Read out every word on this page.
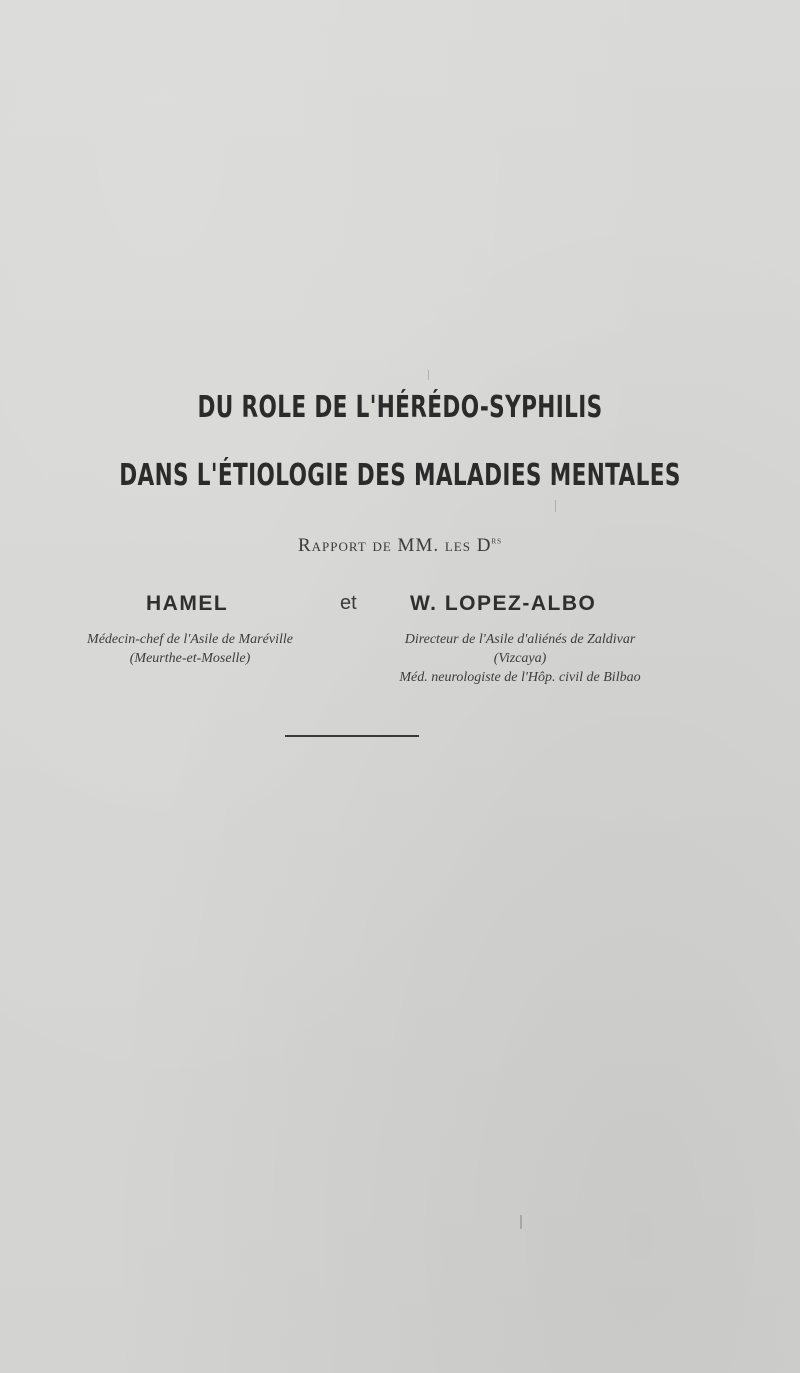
DU ROLE DE L'HÉRÉDO-SYPHILIS
DANS L'ÉTIOLOGIE DES MALADIES MENTALES
Rapport de MM. les $D^{rs}$
HAMEL	et	W. LOPEZ-ALBO
Médecin-chef de l'Asile de Maréville
(Meurthe-et-Moselle)
Directeur de l'Asile d'aliénés de Zaldivar
(Vizcaya)
Méd. neurologiste de l'Hôp. civil de Bilbao
